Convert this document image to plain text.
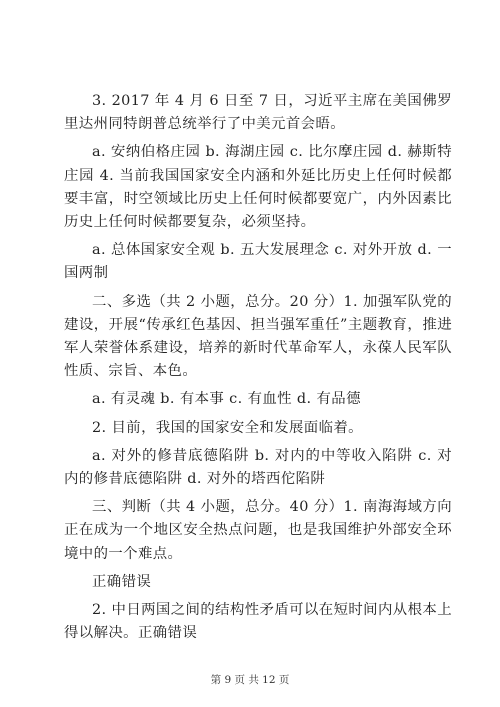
3. 2017 年 4 月 6 日至 7 日，习近平主席在美国佛罗里达州同特朗普总统举行了中美元首会晤。

a. 安纳伯格庄园 b. 海湖庄园 c. 比尔摩庄园 d. 赫斯特庄园 4. 当前我国国家安全内涵和外延比历史上任何时候都要丰富，时空领域比历史上任何时候都要宽广，内外因素比历史上任何时候都要复杂，必须坚持。

a. 总体国家安全观 b. 五大发展理念 c. 对外开放 d. 一国两制

二、多选（共 2 小题，总分。20 分）1. 加强军队党的建设，开展“传承红色基因、担当强军重任”主题教育，推进军人荣誉体系建设，培养的新时代革命军人，永葆人民军队性质、宗旨、本色。

a. 有灵魂 b. 有本事 c. 有血性 d. 有品德

2. 目前，我国的国家安全和发展面临着。

a. 对外的修昔底德陷阱 b. 对内的中等收入陷阱 c. 对内的修昔底德陷阱 d. 对外的塔西佗陷阱

三、判断（共 4 小题，总分。40 分）1. 南海海域方向正在成为一个地区安全热点问题，也是我国维护外部安全环境中的一个难点。

正确错误

2. 中日两国之间的结构性矛盾可以在短时间内从根本上得以解决。正确错误

第 9 页 共 12 页
